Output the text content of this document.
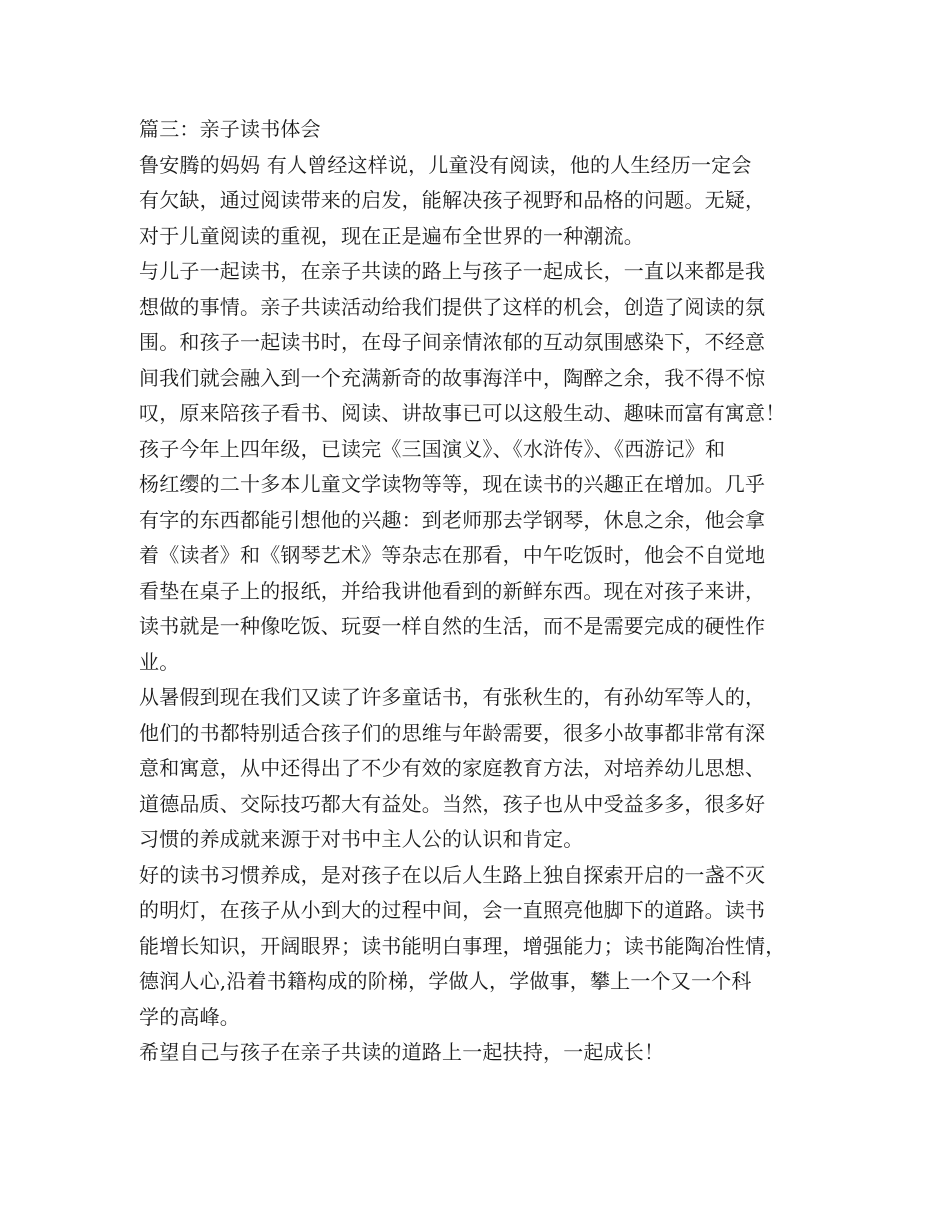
篇三：亲子读书体会
鲁安腾的妈妈 有人曾经这样说，儿童没有阅读，他的人生经历一定会
有欠缺，通过阅读带来的启发，能解决孩子视野和品格的问题。无疑，
对于儿童阅读的重视，现在正是遍布全世界的一种潮流。
与儿子一起读书，在亲子共读的路上与孩子一起成长，一直以来都是我
想做的事情。亲子共读活动给我们提供了这样的机会，创造了阅读的氛
围。和孩子一起读书时，在母子间亲情浓郁的互动氛围感染下，不经意
间我们就会融入到一个充满新奇的故事海洋中，陶醉之余，我不得不惊
叹，原来陪孩子看书、阅读、讲故事已可以这般生动、趣味而富有寓意！
孩子今年上四年级，已读完《三国演义》、《水浒传》、《西游记》和
杨红缨的二十多本儿童文学读物等等，现在读书的兴趣正在增加。几乎
有字的东西都能引想他的兴趣：到老师那去学钢琴，休息之余，他会拿
着《读者》和《钢琴艺术》等杂志在那看，中午吃饭时，他会不自觉地
看垫在桌子上的报纸，并给我讲他看到的新鲜东西。现在对孩子来讲，
读书就是一种像吃饭、玩耍一样自然的生活，而不是需要完成的硬性作
业。
从暑假到现在我们又读了许多童话书，有张秋生的，有孙幼军等人的，
他们的书都特别适合孩子们的思维与年龄需要，很多小故事都非常有深
意和寓意，从中还得出了不少有效的家庭教育方法，对培养幼儿思想、
道德品质、交际技巧都大有益处。当然，孩子也从中受益多多，很多好
习惯的养成就来源于对书中主人公的认识和肯定。
好的读书习惯养成，是对孩子在以后人生路上独自探索开启的一盏不灭
的明灯，在孩子从小到大的过程中间，会一直照亮他脚下的道路。读书
能增长知识，开阔眼界；读书能明白事理，增强能力；读书能陶冶性情，
德润人心,沿着书籍构成的阶梯，学做人，学做事，攀上一个又一个科
学的高峰。
希望自己与孩子在亲子共读的道路上一起扶持，一起成长！
